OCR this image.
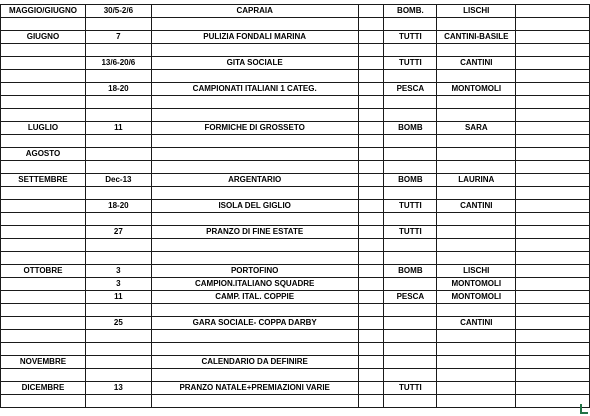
MAGGIO/GIUGNO	30/5-2/6	CAPRAIA		BOMB.	LISCHI	

GIUGNO	7	PULIZIA FONDALI MARINA		TUTTI	CANTINI-BASILE	

	13/6-20/6	GITA SOCIALE		TUTTI	CANTINI	

	18-20	CAMPIONATI ITALIANI 1 CATEG.		PESCA	MONTOMOLI	

LUGLIO	11	FORMICHE DI GROSSETO		BOMB	SARA	

AGOSTO						

SETTEMBRE	Dec-13	ARGENTARIO		BOMB	LAURINA	

	18-20	ISOLA DEL GIGLIO		TUTTI	CANTINI	

	27	PRANZO DI FINE ESTATE		TUTTI		

OTTOBRE	3	PORTOFINO		BOMB	LISCHI	
	3	CAMPION.ITALIANO SQUADRE			MONTOMOLI	
	11	CAMP. ITAL. COPPIE		PESCA	MONTOMOLI	

	25	GARA SOCIALE- COPPA DARBY			CANTINI	

NOVEMBRE		CALENDARIO DA DEFINIRE				

DICEMBRE	13	PRANZO NATALE+PREMIAZIONI VARIE		TUTTI		
